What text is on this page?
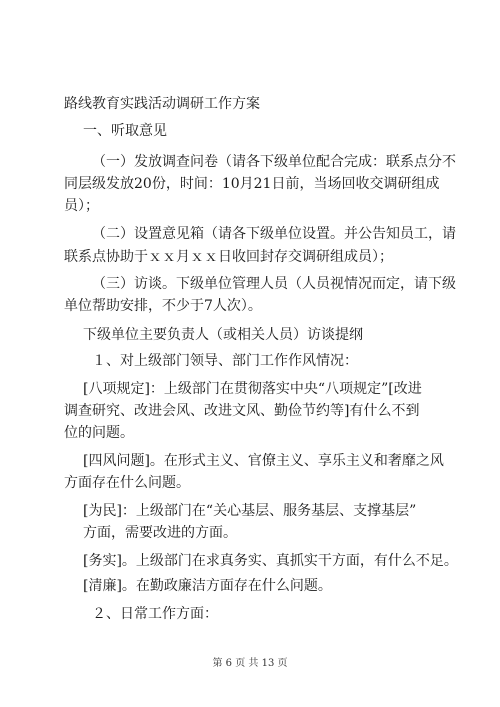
路线教育实践活动调研工作方案
一、听取意见
（一）发放调查问卷（请各下级单位配合完成：联系点分不
同层级发放20份，时间：10月21日前，当场回收交调研组成
员）；
（二）设置意见箱（请各下级单位设置。并公告知员工，请
联系点协助于ｘｘ月ｘｘ日收回封存交调研组成员）；
（三）访谈。下级单位管理人员（人员视情况而定，请下级
单位帮助安排，不少于7人次）。
下级单位主要负责人（或相关人员）访谈提纲
１、对上级部门领导、部门工作作风情况：
[八项规定]：上级部门在贯彻落实中央“八项规定”[改进
调查研究、改进会风、改进文风、勤俭节约等]有什么不到
位的问题。
[四风问题]。在形式主义、官僚主义、享乐主义和奢靡之风
方面存在什么问题。
[为民]：上级部门在“关心基层、服务基层、支撑基层”
方面，需要改进的方面。
[务实]。上级部门在求真务实、真抓实干方面，有什么不足。
[清廉]。在勤政廉洁方面存在什么问题。
２、日常工作方面：
第 6 页 共 13 页
